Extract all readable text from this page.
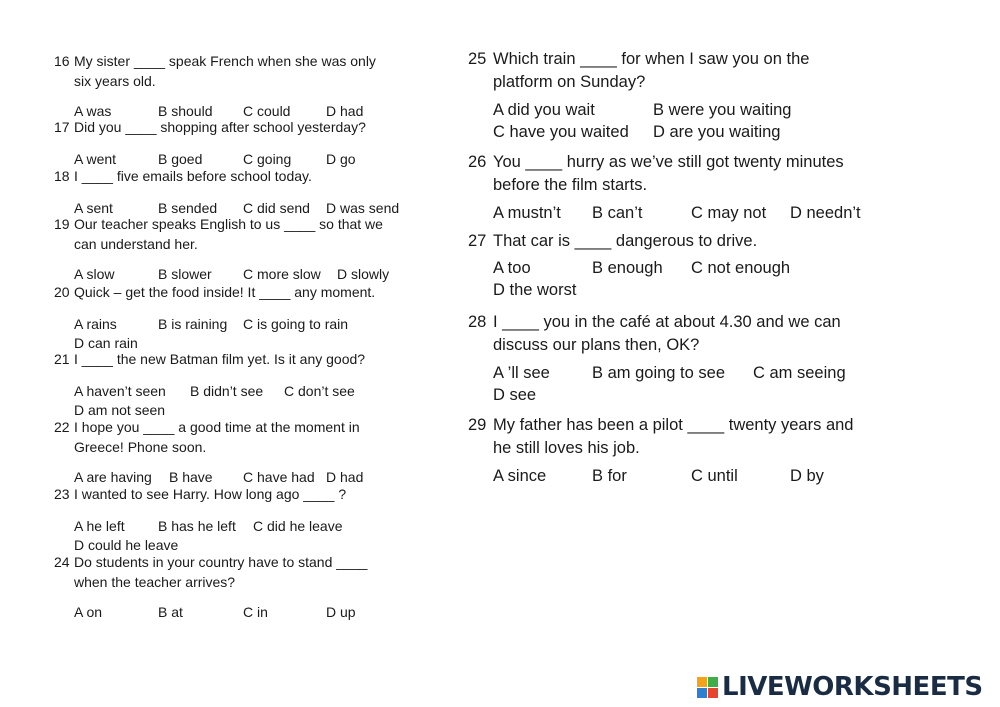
16 My sister ____ speak French when she was only
six years old.
A was	B should C could	D had
17 Did you ____ shopping after school yesterday?
A went	B goed	C going D go
18 I ____ five emails before school today.
A sent	B sended C did send D was send
19 Our teacher speaks English to us ____ so that we
can understand her.
A slow	B slower C more slow D slowly
20 Quick – get the food inside! It ____ any moment.
A rains	B is raining C is going to rain
D can rain
21 I ____ the new Batman film yet. Is it any good?
A haven’t seen B didn’t see C don’t see
D am not seen
22 I hope you ____ a good time at the moment in
Greece! Phone soon.
A are having B have C have had D had
23 I wanted to see Harry. How long ago ____ ?
A he left B has he left C did he leave
D could he leave
24 Do students in your country have to stand ____
when the teacher arrives?
A on	B at	C in	D up
25 Which train ____ for when I saw you on the
platform on Sunday?
A did you wait	B were you waiting
C have you waited D are you waiting
26 You ____ hurry as we’ve still got twenty minutes
before the film starts.
A mustn’t B can’t	C may not D needn’t
27 That car is ____ dangerous to drive.
A too	B enough C not enough
D the worst
28 I ____ you in the café at about 4.30 and we can
discuss our plans then, OK?
A ’ll see	B am going to see C am seeing
D see
29 My father has been a pilot ____ twenty years and
he still loves his job.
A since	B for	C until	D by
LIVEWORKSHEETS
